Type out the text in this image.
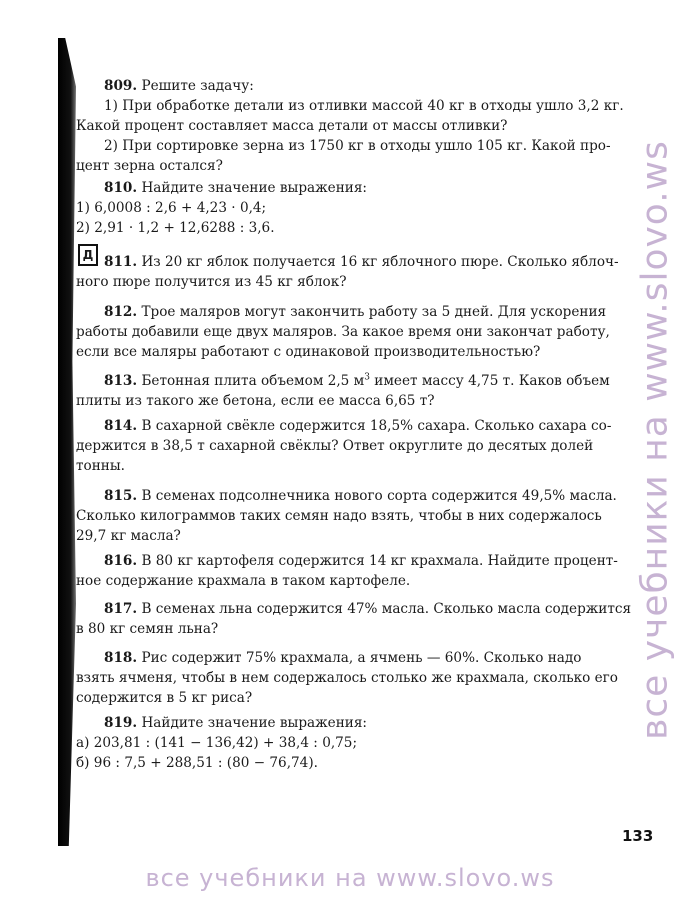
809. Решите задачу:
1) При обработке детали из отливки массой 40 кг в отходы ушло 3,2 кг.
Какой процент составляет масса детали от массы отливки?
2) При сортировке зерна из 1750 кг в отходы ушло 105 кг. Какой про-
цент зерна остался?
810. Найдите значение выражения:
1) 6,0008 : 2,6 + 4,23 · 0,4;
2) 2,91 · 1,2 + 12,6288 : 3,6.
Д 811. Из 20 кг яблок получается 16 кг яблочного пюре. Сколько яблоч-
ного пюре получится из 45 кг яблок?
812. Трое маляров могут закончить работу за 5 дней. Для ускорения
работы добавили еще двух маляров. За какое время они закончат работу,
если все маляры работают с одинаковой производительностью?
813. Бетонная плита объемом 2,5 $м^3$ имеет массу 4,75 т. Каков объем
плиты из такого же бетона, если ее масса 6,65 т?
814. В сахарной свёкле содержится 18,5% сахара. Сколько сахара со-
держится в 38,5 т сахарной свёклы? Ответ округлите до десятых долей
тонны.
815. В семенах подсолнечника нового сорта содержится 49,5% масла.
Сколько килограммов таких семян надо взять, чтобы в них содержалось
29,7 кг масла?
816. В 80 кг картофеля содержится 14 кг крахмала. Найдите процент-
ное содержание крахмала в таком картофеле.
817. В семенах льна содержится 47% масла. Сколько масла содержится
в 80 кг семян льна?
818. Рис содержит 75% крахмала, а ячмень — 60%. Сколько надо
взять ячменя, чтобы в нем содержалось столько же крахмала, сколько его
содержится в 5 кг риса?
819. Найдите значение выражения:
а) 203,81 : (141 − 136,42) + 38,4 : 0,75;
б) 96 : 7,5 + 288,51 : (80 − 76,74).
133
все учебники на www.slovo.ws
все учебники на www.slovo.ws
